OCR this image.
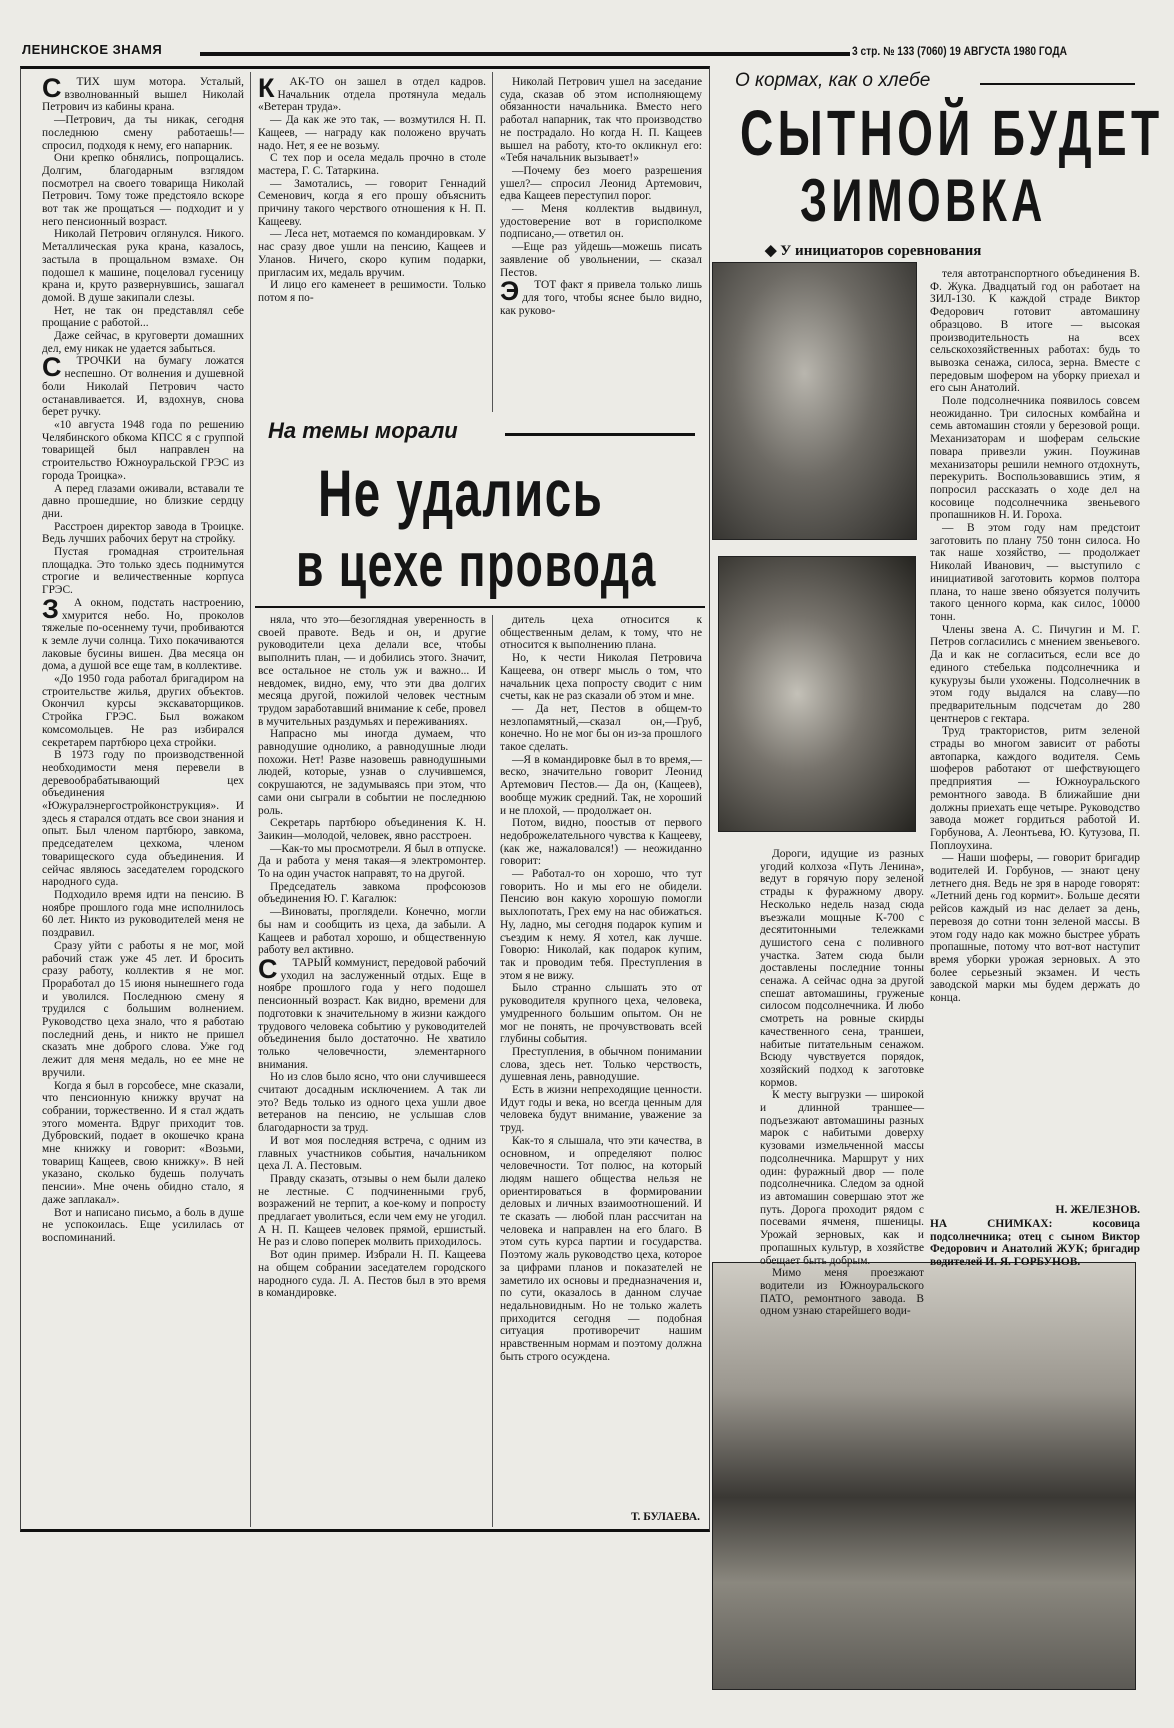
ЛЕНИНСКОЕ ЗНАМЯ	3 стр. № 133 (7060) 19 АВГУСТА 1980 ГОДА

СТИХ шум мотора. Усталый, взволнованный вышел Николай Петрович из кабины крана.

—Петрович, да ты никак, сегодня последнюю смену работаешь!— спросил, подходя к нему, его напарник.

Они крепко обнялись, попрощались. Долгим, благодарным взглядом посмотрел на своего товарища Николай Петрович. Тому тоже предстояло вскоре вот так же прощаться — подходит и у него пенсионный возраст.

Николай Петрович оглянулся. Никого. Металлическая рука крана, казалось, застыла в прощальном взмахе. Он подошел к машине, поцеловал гусеницу крана и, круто развернувшись, зашагал домой. В душе закипали слезы.

Нет, не так он представлял себе прощание с работой...

Даже сейчас, в круговерти домашних дел, ему никак не удается забыться.

СТРОЧКИ на бумагу ложатся неспешно. От волнения и душевной боли Николай Петрович часто останавливается. И, вздохнув, снова берет ручку.

«10 августа 1948 года по решению Челябинского обкома КПСС я с группой товарищей был направлен на строительство Южноуральской ГРЭС из города Троицка».

А перед глазами оживали, вставали те давно прошедшие, но близкие сердцу дни.

Расстроен директор завода в Троицке. Ведь лучших рабочих берут на стройку.

Пустая громадная строительная площадка. Это только здесь поднимутся строгие и величественные корпуса ГРЭС.

ЗА окном, подстать настроению, хмурится небо. Но, проколов тяжелые по-осеннему тучи, пробиваются к земле лучи солнца. Тихо покачиваются лаковые бусины вишен. Два месяца он дома, а душой все еще там, в коллективе.

«До 1950 года работал бригадиром на строительстве жилья, других объектов. Окончил курсы экскаваторщиков. Стройка ГРЭС. Был вожаком комсомольцев. Не раз избирался секретарем партбюро цеха стройки.

В 1973 году по производственной необходимости меня перевели в деревообрабатывающий цех объединения «Южуралэнергостройконструкция». И здесь я старался отдать все свои знания и опыт. Был членом партбюро, завкома, председателем цехкома, членом товарищеского суда объединения. И сейчас являюсь заседателем городского народного суда.

Подходило время идти на пенсию. В ноябре прошлого года мне исполнилось 60 лет. Никто из руководителей меня не поздравил.

Сразу уйти с работы я не мог, мой рабочий стаж уже 45 лет. И бросить сразу работу, коллектив я не мог. Проработал до 15 июня нынешнего года и уволился. Последнюю смену я трудился с большим волнением. Руководство цеха знало, что я работаю последний день, и никто не пришел сказать мне доброго слова. Уже год лежит для меня медаль, но ее мне не вручили.

Когда я был в горсобесе, мне сказали, что пенсионную книжку вручат на собрании, торжественно. И я стал ждать этого момента. Вдруг приходит тов. Дубровский, подает в окошечко крана мне книжку и говорит: «Возьми, товарищ Кащеев, свою книжку». В ней указано, сколько будешь получать пенсии». Мне очень обидно стало, я даже заплакал».

Вот и написано письмо, а боль в душе не успокоилась. Еще усилилась от воспоминаний.

КАК-ТО он зашел в отдел кадров. Начальник отдела протянула медаль «Ветеран труда».

— Да как же это так, — возмутился Н. П. Кащеев, — награду как положено вручать надо. Нет, я ее не возьму.

С тех пор и осела медаль прочно в столе мастера, Г. С. Татаркина.

— Замотались, — говорит Геннадий Семенович, когда я его прошу объяснить причину такого черствого отношения к Н. П. Кащееву.

— Леса нет, мотаемся по командировкам. У нас сразу двое ушли на пенсию, Кащеев и Уланов. Ничего, скоро купим подарки, пригласим их, медаль вручим.

И лицо его каменеет в решимости. Только потом я по-

Николай Петрович ушел на заседание суда, сказав об этом исполняющему обязанности начальника. Вместо него работал напарник, так что производство не пострадало. Но когда Н. П. Кащеев вышел на работу, кто-то окликнул его: «Тебя начальник вызывает!»

—Почему без моего разрешения ушел?— спросил Леонид Артемович, едва Кащеев переступил порог.

— Меня коллектив выдвинул, удостоверение вот в горисполкоме подписано,— ответил он.

—Еще раз уйдешь—можешь писать заявление об увольнении, — сказал Пестов.

ЭТОТ факт я привела только лишь для того, чтобы яснее было видно, как руково-

На темы морали
Не удались
в цехе провода

няла, что это—безоглядная уверенность в своей правоте. Ведь и он, и другие руководители цеха делали все, чтобы выполнить план, — и добились этого. Значит, все остальное не столь уж и важно... И невдомек, видно, ему, что эти два долгих месяца другой, пожилой человек честным трудом заработавший внимание к себе, провел в мучительных раздумьях и переживаниях.

Напрасно мы иногда думаем, что равнодушие однолико, а равнодушные люди похожи. Нет! Разве назовешь равнодушными людей, которые, узнав о случившемся, сокрушаются, не задумываясь при этом, что сами они сыграли в событии не последнюю роль.

Секретарь партбюро объединения К. Н. Заикин—молодой, человек, явно расстроен.

—Как-то мы просмотрели. Я был в отпуске. Да и работа у меня такая—я электромонтер. То на один участок направят, то на другой.

Председатель завкома профсоюзов объединения Ю. Г. Кагалюк:

—Виноваты, проглядели. Конечно, могли бы нам и сообщить из цеха, да забыли. А Кащеев и работал хорошо, и общественную работу вел активно.

СТАРЫЙ коммунист, передовой рабочий уходил на заслуженный отдых. Еще в ноябре прошлого года у него подошел пенсионный возраст. Как видно, времени для подготовки к значительному в жизни каждого трудового человека событию у руководителей объединения было достаточно. Не хватило только человечности, элементарного внимания.

Но из слов было ясно, что они случившееся считают досадным исключением. А так ли это? Ведь только из одного цеха ушли двое ветеранов на пенсию, не услышав слов благодарности за труд.

И вот моя последняя встреча, с одним из главных участников события, начальником цеха Л. А. Пестовым.

Правду сказать, отзывы о нем были далеко не лестные. С подчиненными груб, возражений не терпит, а кое-кому и попросту предлагает уволиться, если чем ему не угодил. А Н. П. Кащеев человек прямой, ершистый. Не раз и слово поперек молвить приходилось.

Вот один пример. Избрали Н. П. Кащеева на общем собрании заседателем городского народного суда. Л. А. Пестов был в это время в командировке.

дитель цеха относится к общественным делам, к тому, что не относится к выполнению плана.

Но, к чести Николая Петровича Кащеева, он отверг мысль о том, что начальник цеха попросту сводит с ним счеты, как не раз сказали об этом и мне.

— Да нет, Пестов в общем-то незлопамятный,—сказал он,—Груб, конечно. Но не мог бы он из-за прошлого такое сделать.

—Я в командировке был в то время,— веско, значительно говорит Леонид Артемович Пестов.— Да он, (Кащеев), вообще мужик средний. Так, не хороший и не плохой, — продолжает он.

Потом, видно, поостыв от первого недоброжелательного чувства к Кащееву, (как же, нажаловался!) — неожиданно говорит:

— Работал-то он хорошо, что тут говорить. Но и мы его не обидели. Пенсию вон какую хорошую помогли выхлопотать, Грех ему на нас обижаться. Ну, ладно, мы сегодня подарок купим и съездим к нему. Я хотел, как лучше. Говорю: Николай, как подарок купим, так и проводим тебя. Преступления в этом я не вижу.

Было странно слышать это от руководителя крупного цеха, человека, умудренного большим опытом. Он не мог не понять, не прочувствовать всей глубины события.

Преступления, в обычном понимании слова, здесь нет. Только черствость, душевная лень, равнодушие.

Есть в жизни непреходящие ценности. Идут годы и века, но всегда ценным для человека будут внимание, уважение за труд.

Как-то я слышала, что эти качества, в основном, и определяют полюс человечности. Тот полюс, на который людям нашего общества нельзя не ориентироваться в формировании деловых и личных взаимоотношений. И те сказать — любой план рассчитан на человека и направлен на его благо. В этом суть курса партии и государства. Поэтому жаль руководство цеха, которое за цифрами планов и показателей не заметило их основы и предназначения и, по сути, оказалось в данном случае недальновидным. Но не только жалеть приходится сегодня — подобная ситуация противоречит нашим нравственным нормам и поэтому должна быть строго осуждена.

Т. БУЛАЕВА.
О кормах, как о хлебе
СЫТНОЙ БУДЕТ
ЗИМОВКА
◆ У инициаторов соревнования

теля автотранспортного объединения В. Ф. Жука. Двадцатый год он работает на ЗИЛ-130. К каждой страде Виктор Федорович готовит автомашину образцово. В итоге — высокая производительность на всех сельскохозяйственных работах: будь то вывозка сенажа, силоса, зерна. Вместе с передовым шофером на уборку приехал и его сын Анатолий.

Поле подсолнечника появилось совсем неожиданно. Три силосных комбайна и семь автомашин стояли у березовой рощи. Механизаторам и шоферам сельские повара привезли ужин. Поужинав механизаторы решили немного отдохнуть, перекурить. Воспользовавшись этим, я попросил рассказать о ходе дел на косовице подсолнечника звеньевого пропашников Н. И. Гороха.

— В этом году нам предстоит заготовить по плану 750 тонн силоса. Но так наше хозяйство, — продолжает Николай Иванович, — выступило с инициативой заготовить кормов полтора плана, то наше звено обязуется получить такого ценного корма, как силос, 10000 тонн.

Члены звена А. С. Пичугин и М. Г. Петров согласились с мнением звеньевого. Да и как не согласиться, если все до единого стебелька подсолнечника и кукурузы были ухожены. Подсолнечник в этом году выдался на славу—по предварительным подсчетам до 280 центнеров с гектара.

Труд трактористов, ритм зеленой страды во многом зависит от работы автопарка, каждого водителя. Семь шоферов работают от шефствующего предприятия — Южноуральского ремонтного завода. В ближайшие дни должны приехать еще четыре. Руководство завода может гордиться работой И. Горбунова, А. Леонтьева, Ю. Кутузова, П. Поплоухина.

— Наши шоферы, — говорит бригадир водителей И. Горбунов, — знают цену летнего дня. Ведь не зря в народе говорят: «Летний день год кормит». Больше десяти рейсов каждый из нас делает за день, перевозя до сотни тонн зеленой массы. В этом году надо как можно быстрее убрать пропашные, потому что вот-вот наступит время уборки урожая зерновых. А это более серьезный экзамен. И честь заводской марки мы будем держать до конца.

Дороги, идущие из разных угодий колхоза «Путь Ленина», ведут в горячую пору зеленой страды к фуражному двору. Несколько недель назад сюда въезжали мощные К-700 с десятитонными тележками душистого сена с поливного участка. Затем сюда были доставлены последние тонны сенажа. А сейчас одна за другой спешат автомашины, груженые силосом подсолнечника. И любо смотреть на ровные скирды качественного сена, траншеи, набитые питательным сенажом. Всюду чувствуется порядок, хозяйский подход к заготовке кормов.

К месту выгрузки — широкой и длинной траншее—подъезжают автомашины разных марок с набитыми доверху кузовами измельченной массы подсолнечника. Маршрут у них один: фуражный двор — поле подсолнечника. Следом за одной из автомашин совершаю этот же путь. Дорога проходит рядом с посевами ячменя, пшеницы. Урожай зерновых, как и пропашных культур, в хозяйстве обещает быть добрым.

Мимо меня проезжают водители из Южноуральского ПАТО, ремонтного завода. В одном узнаю старейшего води-

Н. ЖЕЛЕЗНОВ.
НА СНИМКАХ: косовица подсолнечника; отец с сыном Виктор Федорович и Анатолий ЖУК; бригадир водителей И. Я. ГОРБУНОВ.
